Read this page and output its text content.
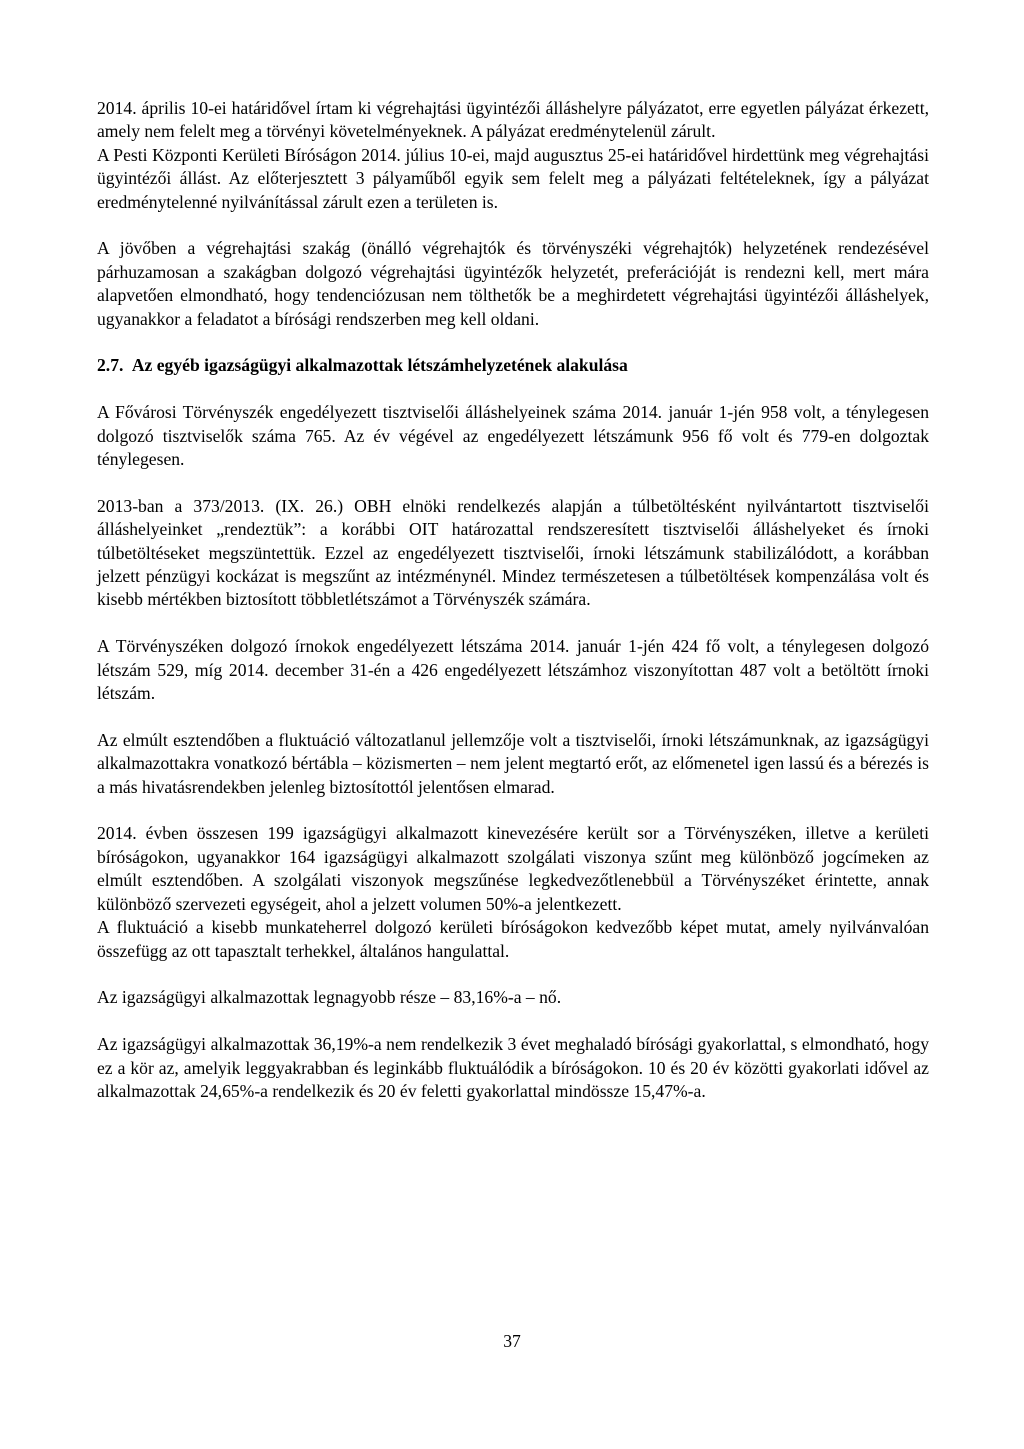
2014. április 10-ei határidővel írtam ki végrehajtási ügyintézői álláshelyre pályázatot, erre egyetlen pályázat érkezett, amely nem felelt meg a törvényi követelményeknek. A pályázat eredménytelenül zárult.

A Pesti Központi Kerületi Bíróságon 2014. július 10-ei, majd augusztus 25-ei határidővel hirdettünk meg végrehajtási ügyintézői állást. Az előterjesztett 3 pályaműből egyik sem felelt meg a pályázati feltételeknek, így a pályázat eredménytelenné nyilvánítással zárult ezen a területen is.

A jövőben a végrehajtási szakág (önálló végrehajtók és törvényszéki végrehajtók) helyzetének rendezésével párhuzamosan a szakágban dolgozó végrehajtási ügyintézők helyzetét, preferációját is rendezni kell, mert mára alapvetően elmondható, hogy tendenciózusan nem tölthetők be a meghirdetett végrehajtási ügyintézői álláshelyek, ugyanakkor a feladatot a bírósági rendszerben meg kell oldani.

2.7. Az egyéb igazságügyi alkalmazottak létszámhelyzetének alakulása

A Fővárosi Törvényszék engedélyezett tisztviselői álláshelyeinek száma 2014. január 1-jén 958 volt, a ténylegesen dolgozó tisztviselők száma 765. Az év végével az engedélyezett létszámunk 956 fő volt és 779-en dolgoztak ténylegesen.

2013-ban a 373/2013. (IX. 26.) OBH elnöki rendelkezés alapján a túlbetöltésként nyilvántartott tisztviselői álláshelyeinket „rendeztük”: a korábbi OIT határozattal rendszeresített tisztviselői álláshelyeket és írnoki túlbetöltéseket megszüntettük. Ezzel az engedélyezett tisztviselői, írnoki létszámunk stabilizálódott, a korábban jelzett pénzügyi kockázat is megszűnt az intézménynél. Mindez természetesen a túlbetöltések kompenzálása volt és kisebb mértékben biztosított többletlétszámot a Törvényszék számára.

A Törvényszéken dolgozó írnokok engedélyezett létszáma 2014. január 1-jén 424 fő volt, a ténylegesen dolgozó létszám 529, míg 2014. december 31-én a 426 engedélyezett létszámhoz viszonyítottan 487 volt a betöltött írnoki létszám.

Az elmúlt esztendőben a fluktuáció változatlanul jellemzője volt a tisztviselői, írnoki létszámunknak, az igazságügyi alkalmazottakra vonatkozó bértábla – közismerten – nem jelent megtartó erőt, az előmenetel igen lassú és a bérezés is a más hivatásrendekben jelenleg biztosítottól jelentősen elmarad.

2014. évben összesen 199 igazságügyi alkalmazott kinevezésére került sor a Törvényszéken, illetve a kerületi bíróságokon, ugyanakkor 164 igazságügyi alkalmazott szolgálati viszonya szűnt meg különböző jogcímeken az elmúlt esztendőben. A szolgálati viszonyok megszűnése legkedvezőtlenebbül a Törvényszéket érintette, annak különböző szervezeti egységeit, ahol a jelzett volumen 50%-a jelentkezett.

A fluktuáció a kisebb munkateherrel dolgozó kerületi bíróságokon kedvezőbb képet mutat, amely nyilvánvalóan összefügg az ott tapasztalt terhekkel, általános hangulattal.

Az igazságügyi alkalmazottak legnagyobb része – 83,16%-a – nő.

Az igazságügyi alkalmazottak 36,19%-a nem rendelkezik 3 évet meghaladó bírósági gyakorlattal, s elmondható, hogy ez a kör az, amelyik leggyakrabban és leginkább fluktuálódik a bíróságokon. 10 és 20 év közötti gyakorlati idővel az alkalmazottak 24,65%-a rendelkezik és 20 év feletti gyakorlattal mindössze 15,47%-a.

37
